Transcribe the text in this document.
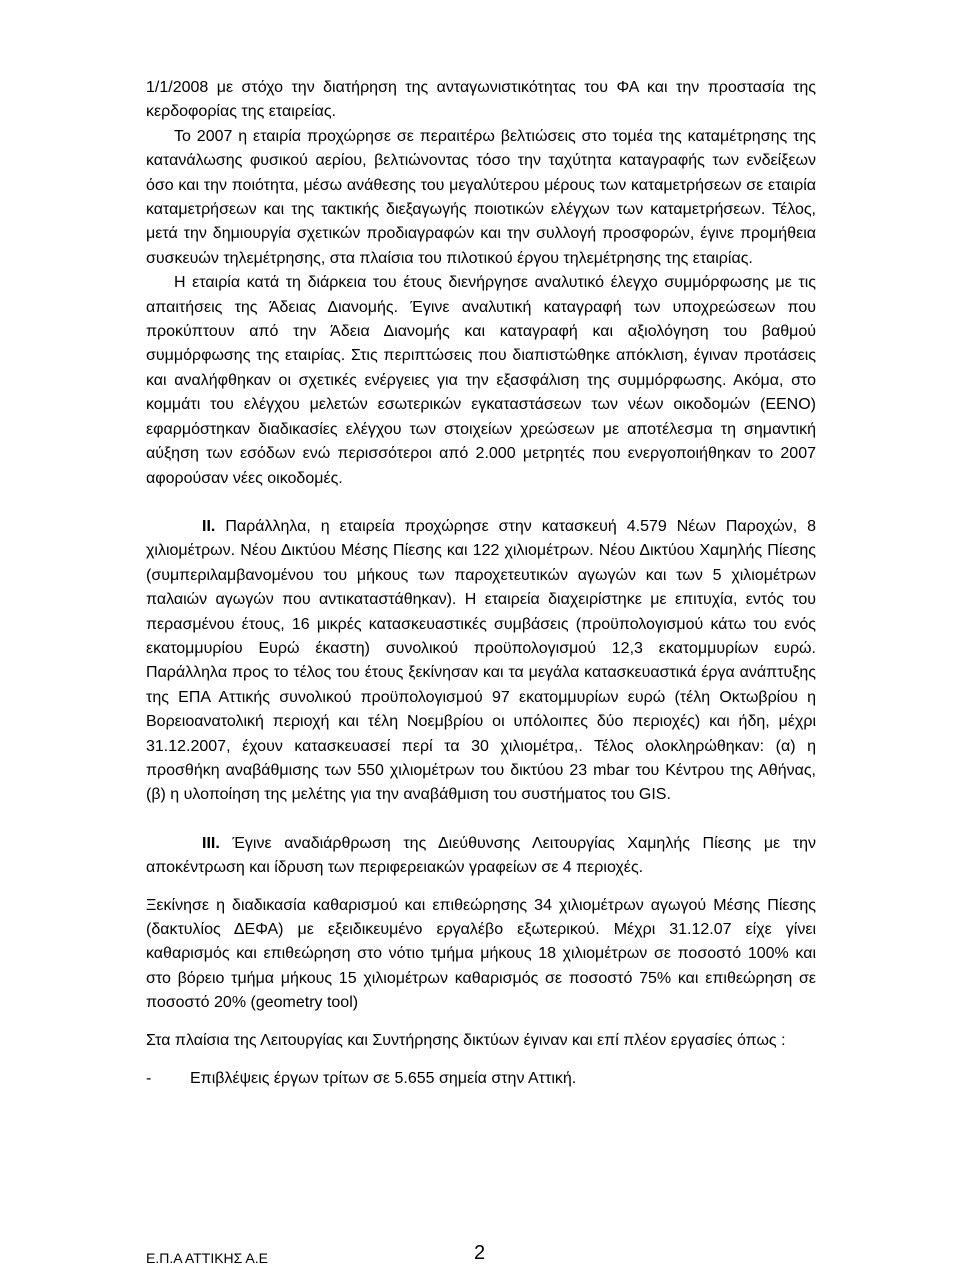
1/1/2008 με στόχο την διατήρηση της ανταγωνιστικότητας του ΦΑ και την προστασία της κερδοφορίας της εταιρείας.

Το 2007 η εταιρία προχώρησε σε περαιτέρω βελτιώσεις στο τομέα της καταμέτρησης της κατανάλωσης φυσικού αερίου, βελτιώνοντας τόσο την ταχύτητα καταγραφής των ενδείξεων όσο και την ποιότητα, μέσω ανάθεσης του μεγαλύτερου μέρους των καταμετρήσεων σε εταιρία καταμετρήσεων και της τακτικής διεξαγωγής ποιοτικών ελέγχων των καταμετρήσεων. Τέλος, μετά την δημιουργία σχετικών προδιαγραφών και την συλλογή προσφορών, έγινε προμήθεια συσκευών τηλεμέτρησης, στα πλαίσια του πιλοτικού έργου τηλεμέτρησης της εταιρίας.

Η εταιρία κατά τη διάρκεια του έτους διενήργησε αναλυτικό έλεγχο συμμόρφωσης με τις απαιτήσεις της Άδειας Διανομής. Έγινε αναλυτική καταγραφή των υποχρεώσεων που προκύπτουν από την Άδεια Διανομής και καταγραφή και αξιολόγηση του βαθμού συμμόρφωσης της εταιρίας. Στις περιπτώσεις που διαπιστώθηκε απόκλιση, έγιναν προτάσεις και αναλήφθηκαν οι σχετικές ενέργειες για την εξασφάλιση της συμμόρφωσης. Ακόμα, στο κομμάτι του ελέγχου μελετών εσωτερικών εγκαταστάσεων των νέων οικοδομών (ΕΕΝΟ) εφαρμόστηκαν διαδικασίες ελέγχου των στοιχείων χρεώσεων με αποτέλεσμα τη σημαντική αύξηση των εσόδων ενώ περισσότεροι από 2.000 μετρητές που ενεργοποιήθηκαν το 2007 αφορούσαν νέες οικοδομές.

ΙΙ. Παράλληλα, η εταιρεία προχώρησε στην κατασκευή 4.579 Νέων Παροχών, 8 χιλιομέτρων. Νέου Δικτύου Μέσης Πίεσης και 122 χιλιομέτρων. Νέου Δικτύου Χαμηλής Πίεσης (συμπεριλαμβανομένου του μήκους των παροχετευτικών αγωγών και των 5 χιλιομέτρων παλαιών αγωγών που αντικαταστάθηκαν). Η εταιρεία διαχειρίστηκε με επιτυχία, εντός του περασμένου έτους, 16 μικρές κατασκευαστικές συμβάσεις (προϋπολογισμού κάτω του ενός εκατομμυρίου Ευρώ έκαστη) συνολικού προϋπολογισμού 12,3 εκατομμυρίων ευρώ. Παράλληλα προς το τέλος του έτους ξεκίνησαν και τα μεγάλα κατασκευαστικά έργα ανάπτυξης της ΕΠΑ Αττικής συνολικού προϋπολογισμού 97 εκατομμυρίων ευρώ (τέλη Οκτωβρίου η Βορειοανατολική περιοχή και τέλη Νοεμβρίου οι υπόλοιπες δύο περιοχές) και ήδη, μέχρι 31.12.2007, έχουν κατασκευασεί περί τα 30 χιλιομέτρα,. Τέλος ολοκληρώθηκαν: (α) η προσθήκη αναβάθμισης των 550 χιλιομέτρων του δικτύου 23 mbar του Κέντρου της Αθήνας, (β) η υλοποίηση της μελέτης για την αναβάθμιση του συστήματος του GIS.

ΙΙΙ. Έγινε αναδιάρθρωση της Διεύθυνσης Λειτουργίας Χαμηλής Πίεσης με την αποκέντρωση και ίδρυση των περιφερειακών γραφείων σε 4 περιοχές.

Ξεκίνησε η διαδικασία καθαρισμού και επιθεώρησης 34 χιλιομέτρων αγωγού Μέσης Πίεσης (δακτυλίος ΔΕΦΑ) με εξειδικευμένο εργαλέβο εξωτερικού. Μέχρι 31.12.07 είχε γίνει καθαρισμός και επιθεώρηση στο νότιο τμήμα μήκους 18 χιλιομέτρων σε ποσοστό 100% και στο βόρειο τμήμα μήκους 15 χιλιομέτρων καθαρισμός σε ποσοστό 75% και επιθεώρηση σε ποσοστό 20% (geometry tool)

Στα πλαίσια της Λειτουργίας και Συντήρησης δικτύων έγιναν και επί πλέον εργασίες όπως :

-	Επιβλέψεις έργων τρίτων σε 5.655 σημεία στην Αττική.
Ε.Π.Α ΑΤΤΙΚΗΣ Α.Ε	2
